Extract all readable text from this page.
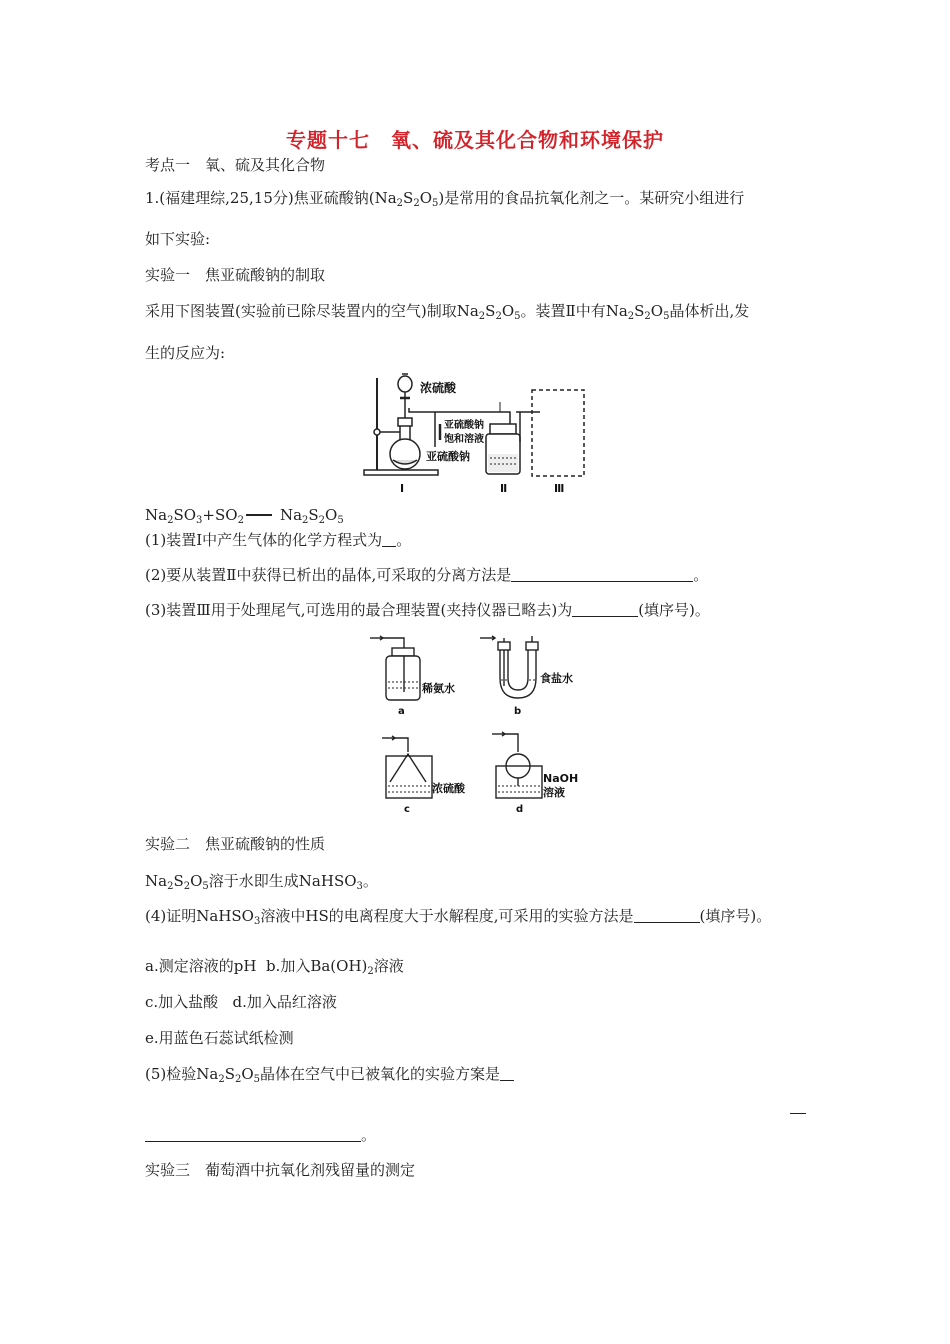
专题十七　氧、硫及其化合物和环境保护
考点一　氧、硫及其化合物
1.(福建理综,25,15分)焦亚硫酸钠$(Na_2S_2O_5)$是常用的食品抗氧化剂之一。某研究小组进行
如下实验:
实验一　焦亚硫酸钠的制取
采用下图装置(实验前已除尽装置内的空气)制取$Na_2S_2O_5$。装置Ⅱ中有$Na_2S_2O_5$晶体析出,发
生的反应为:
浓硫酸
亚硫酸钠
饱和溶液
亚硫酸钠
Ⅰ	Ⅱ	Ⅲ
$Na_2SO_3+SO_2$ $Na_2S_2O_5$
(1)装置Ⅰ中产生气体的化学方程式为 。
(2)要从装置Ⅱ中获得已析出的晶体,可采取的分离方法是	。
(3)装置Ⅲ用于处理尾气,可选用的最合理装置(夹持仪器已略去)为	(填序号)。
稀氨水
a
食盐水
b
浓硫酸
c
NaOH
溶液
d
实验二　焦亚硫酸钠的性质
$Na_2S_2O_5$溶于水即生成NaHSO$_3$。
(4)证明NaHSO$_3$溶液中HS的电离程度大于水解程度,可采用的实验方法是	(填序号)。
a.测定溶液的pH b.加入$Ba(OH)_2$溶液
c.加入盐酸 d.加入品红溶液
e.用蓝色石蕊试纸检测
(5)检验$Na_2S_2O_5$晶体在空气中已被氧化的实验方案是
。
实验三　葡萄酒中抗氧化剂残留量的测定
